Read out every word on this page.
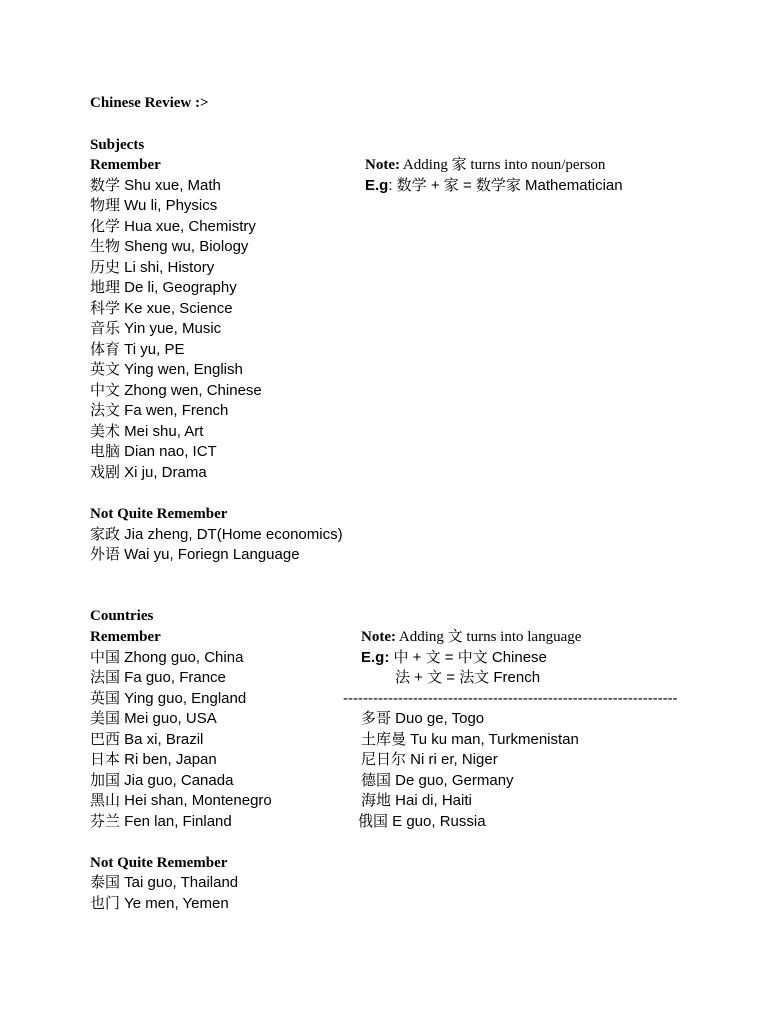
Chinese Review :>
Subjects
Remember
数学 Shu xue, Math
物理 Wu li, Physics
化学 Hua xue, Chemistry
生物 Sheng wu, Biology
历史 Li shi, History
地理 De li, Geography
科学 Ke xue, Science
音乐 Yin yue, Music
体育 Ti yu, PE
英文 Ying wen, English
中文 Zhong wen, Chinese
法文 Fa wen, French
美术 Mei shu, Art
电脑 Dian nao, ICT
戏剧 Xi ju, Drama
Note: Adding 家 turns into noun/person
E.g: 数学 + 家 = 数学家 Mathematician
Not Quite Remember
家政 Jia zheng, DT(Home economics)
外语 Wai yu, Foriegn Language
Countries
Remember
中国 Zhong guo, China
法国 Fa guo, France
英国 Ying guo, England
美国 Mei guo, USA
巴西 Ba xi, Brazil
日本 Ri ben, Japan
加国 Jia guo, Canada
黑山 Hei shan, Montenegro
芬兰 Fen lan, Finland
Note: Adding 文 turns into language
E.g: 中 + 文 = 中文 Chinese
法 + 文 = 法文 French
-------------------------------------------------------------------
多哥 Duo ge, Togo
土库曼 Tu ku man, Turkmenistan
尼日尔 Ni ri er, Niger
德国 De guo, Germany
海地 Hai di, Haiti
俄国 E guo, Russia
Not Quite Remember
泰国 Tai guo, Thailand
也门 Ye men, Yemen
